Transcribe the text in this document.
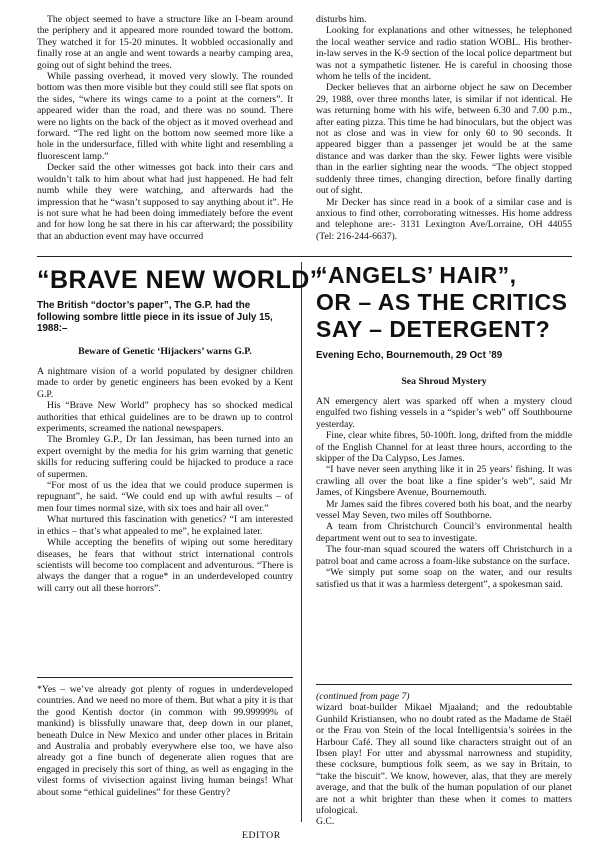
The object seemed to have a structure like an I-beam around the periphery and it appeared more rounded toward the bottom. They watched it for 15-20 minutes. It wobbled occasionally and finally rose at an angle and went towards a nearby camping area, going out of sight behind the trees.

While passing overhead, it moved very slowly. The rounded bottom was then more visible but they could still see flat spots on the sides, “where its wings came to a point at the corners”. It appeared wider than the road, and there was no sound. There were no lights on the back of the object as it moved overhead and forward. “The red light on the bottom now seemed more like a hole in the undersurface, filled with white light and resembling a fluorescent lamp.”

Decker said the other witnesses got back into their cars and wouldn’t talk to him about what had just happened. He had felt numb while they were watching, and afterwards had the impression that he “wasn’t supposed to say anything about it”. He is not sure what he had been doing immediately before the event and for how long he sat there in his car afterward; the possibility that an abduction event may have occurred

disturbs him.

Looking for explanations and other witnesses, he telephoned the local weather service and radio station WOBL. His brother-in-law serves in the K-9 section of the local police department but was not a sympathetic listener. He is careful in choosing those whom he tells of the incident.

Decker believes that an airborne object he saw on December 29, 1988, over three months later, is similar if not identical. He was returning home with his wife, between 6.30 and 7.00 p.m., after eating pizza. This time he had binoculars, but the object was not as close and was in view for only 60 to 90 seconds. It appeared bigger than a passenger jet would be at the same distance and was darker than the sky. Fewer lights were visible than in the earlier sighting near the woods. “The object stopped suddenly three times, changing direction, before finally darting out of sight.

Mr Decker has since read in a book of a similar case and is anxious to find other, corroborating witnesses. His home address and telephone are:- 3131 Lexington Ave/Lorraine, OH 44055 (Tel: 216-244-6637).

“BRAVE NEW WORLD”
The British “doctor’s paper”, The G.P. had the following sombre little piece in its issue of July 15, 1988:–
Beware of Genetic ‘Hijackers’ warns G.P.

A nightmare vision of a world populated by designer children made to order by genetic engineers has been evoked by a Kent G.P.

His “Brave New World” prophecy has so shocked medical authorities that ethical guidelines are to be drawn up to control experiments, screamed the national newspapers.

The Bromley G.P., Dr Ian Jessiman, has been turned into an expert overnight by the media for his grim warning that genetic skills for reducing suffering could be hijacked to produce a race of supermen.

“For most of us the idea that we could produce supermen is repugnant”, he said. “We could end up with awful results – of men four times normal size, with six toes and hair all over.”

What nurtured this fascination with genetics? “I am interested in ethics – that’s what appealed to me”, he explained later.

While accepting the benefits of wiping out some hereditary diseases, he fears that without strict international controls scientists will become too complacent and adventurous. “There is always the danger that a rogue* in an underdeveloped country will carry out all these horrors”.

*Yes – we’ve already got plenty of rogues in underdeveloped countries. And we need no more of them. But what a pity it is that the good Kentish doctor (in common with 99.99999% of mankind) is blissfully unaware that, deep down in our planet, beneath Dulce in New Mexico and under other places in Britain and Australia and probably everywhere else too, we have also already got a fine bunch of degenerate alien rogues that are engaged in precisely this sort of thing, as well as engaging in the vilest forms of vivisection against living human beings! What about some “ethical guidelines” for these Gentry?

EDITOR
“ANGELS’ HAIR”,
OR – AS THE CRITICS
SAY – DETERGENT?
Evening Echo, Bournemouth, 29 Oct ’89
Sea Shroud Mystery

AN emergency alert was sparked off when a mystery cloud engulfed two fishing vessels in a “spider’s web” off Southbourne yesterday.

Fine, clear white fibres, 50-100ft. long, drifted from the middle of the English Channel for at least three hours, according to the skipper of the Da Calypso, Les James.

“I have never seen anything like it in 25 years’ fishing. It was crawling all over the boat like a fine spider’s web”, said Mr James, of Kingsbere Avenue, Bournemouth.

Mr James said the fibres covered both his boat, and the nearby vessel May Seven, two miles off Southborne.

A team from Christchurch Council’s environmental health department went out to sea to investigate.

The four-man squad scoured the waters off Christchurch in a patrol boat and came across a foam-like substance on the surface.

“We simply put some soap on the water, and our results satisfied us that it was a harmless detergent”, a spokesman said.

(continued from page 7)

wizard boat-builder Mikael Mjaaland; and the redoubtable Gunhild Kristiansen, who no doubt rated as the Madame de Staël or the Frau von Stein of the local Intelligentsia’s soirées in the Harbour Café. They all sound like characters straight out of an Ibsen play! For utter and abyssmal narrowness and stupidity, these cocksure, bumptious folk seem, as we say in Britain, to “take the biscuit”. We know, however, alas, that they are merely average, and that the bulk of the human population of our planet are not a whit brighter than these when it comes to matters ufological.

G.C.
